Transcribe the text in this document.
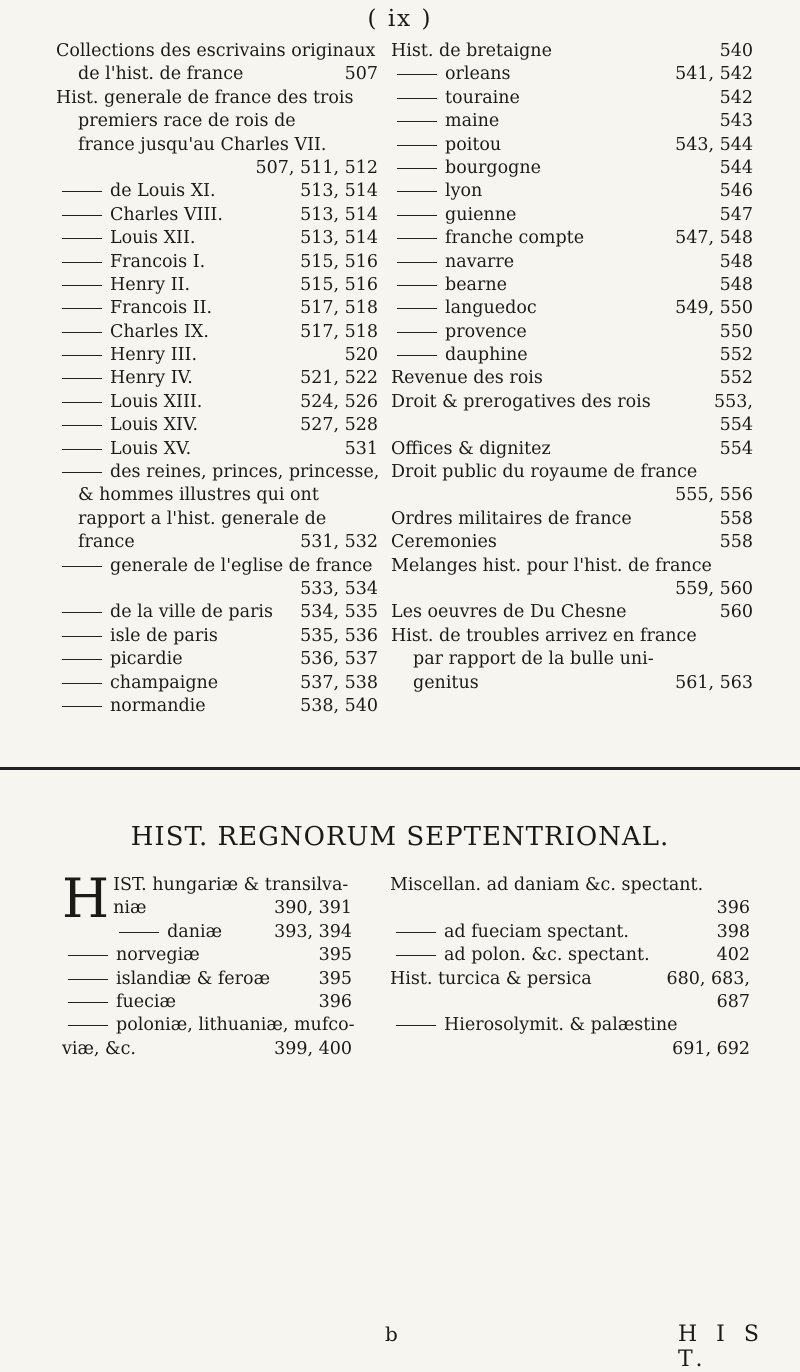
( ix )
Collections des escrivains originaux
de l'hist. de france	507
Hist. generale de france des trois
premiers race de rois de
france jusqu'au Charles VII.
507, 511, 512
de Louis XI.	513, 514
Charles VIII.	513, 514
Louis XII.	513, 514
Francois I.	515, 516
Henry II.	515, 516
Francois II.	517, 518
Charles IX.	517, 518
Henry III.	520
Henry IV.	521, 522
Louis XIII.	524, 526
Louis XIV.	527, 528
Louis XV.	531
des reines, princes, princesse,
& hommes illustres qui ont
rapport a l'hist. generale de
france	531, 532
generale de l'eglise de france
533, 534
de la ville de paris 534, 535
isle de paris	535, 536
picardie	536, 537
champaigne	537, 538
normandie	538, 540
Hist. de bretaigne	540
orleans	541, 542
touraine	542
maine	543
poitou	543, 544
bourgogne	544
lyon	546
guienne	547
franche compte	547, 548
navarre	548
bearne	548
languedoc	549, 550
provence	550
dauphine	552
Revenue des rois	552
Droit & prerogatives des rois	553,
554
Offices & dignitez	554
Droit public du royaume de france
555, 556
Ordres militaires de france	558
Ceremonies	558
Melanges hist. pour l'hist. de france
559, 560
Les oeuvres de Du Chesne	560
Hist. de troubles arrivez en france
par rapport de la bulle uni-
genitus	561, 563
HIST. REGNORUM SEPTENTRIONAL.
HIST. hungariæ & transilva-
niæ	390, 391
daniæ	393, 394
norvegiæ	395
islandiæ & feroæ	395
fueciæ	396
poloniæ, lithuaniæ, mufco-
viæ, &c.	399, 400
Miscellan. ad daniam &c. spectant.
396
ad fueciam spectant.	398
ad polon. &c. spectant.	402
Hist. turcica & persica	680, 683,
687
Hierosolymit. & palæstine
691, 692
b	H I S T.
